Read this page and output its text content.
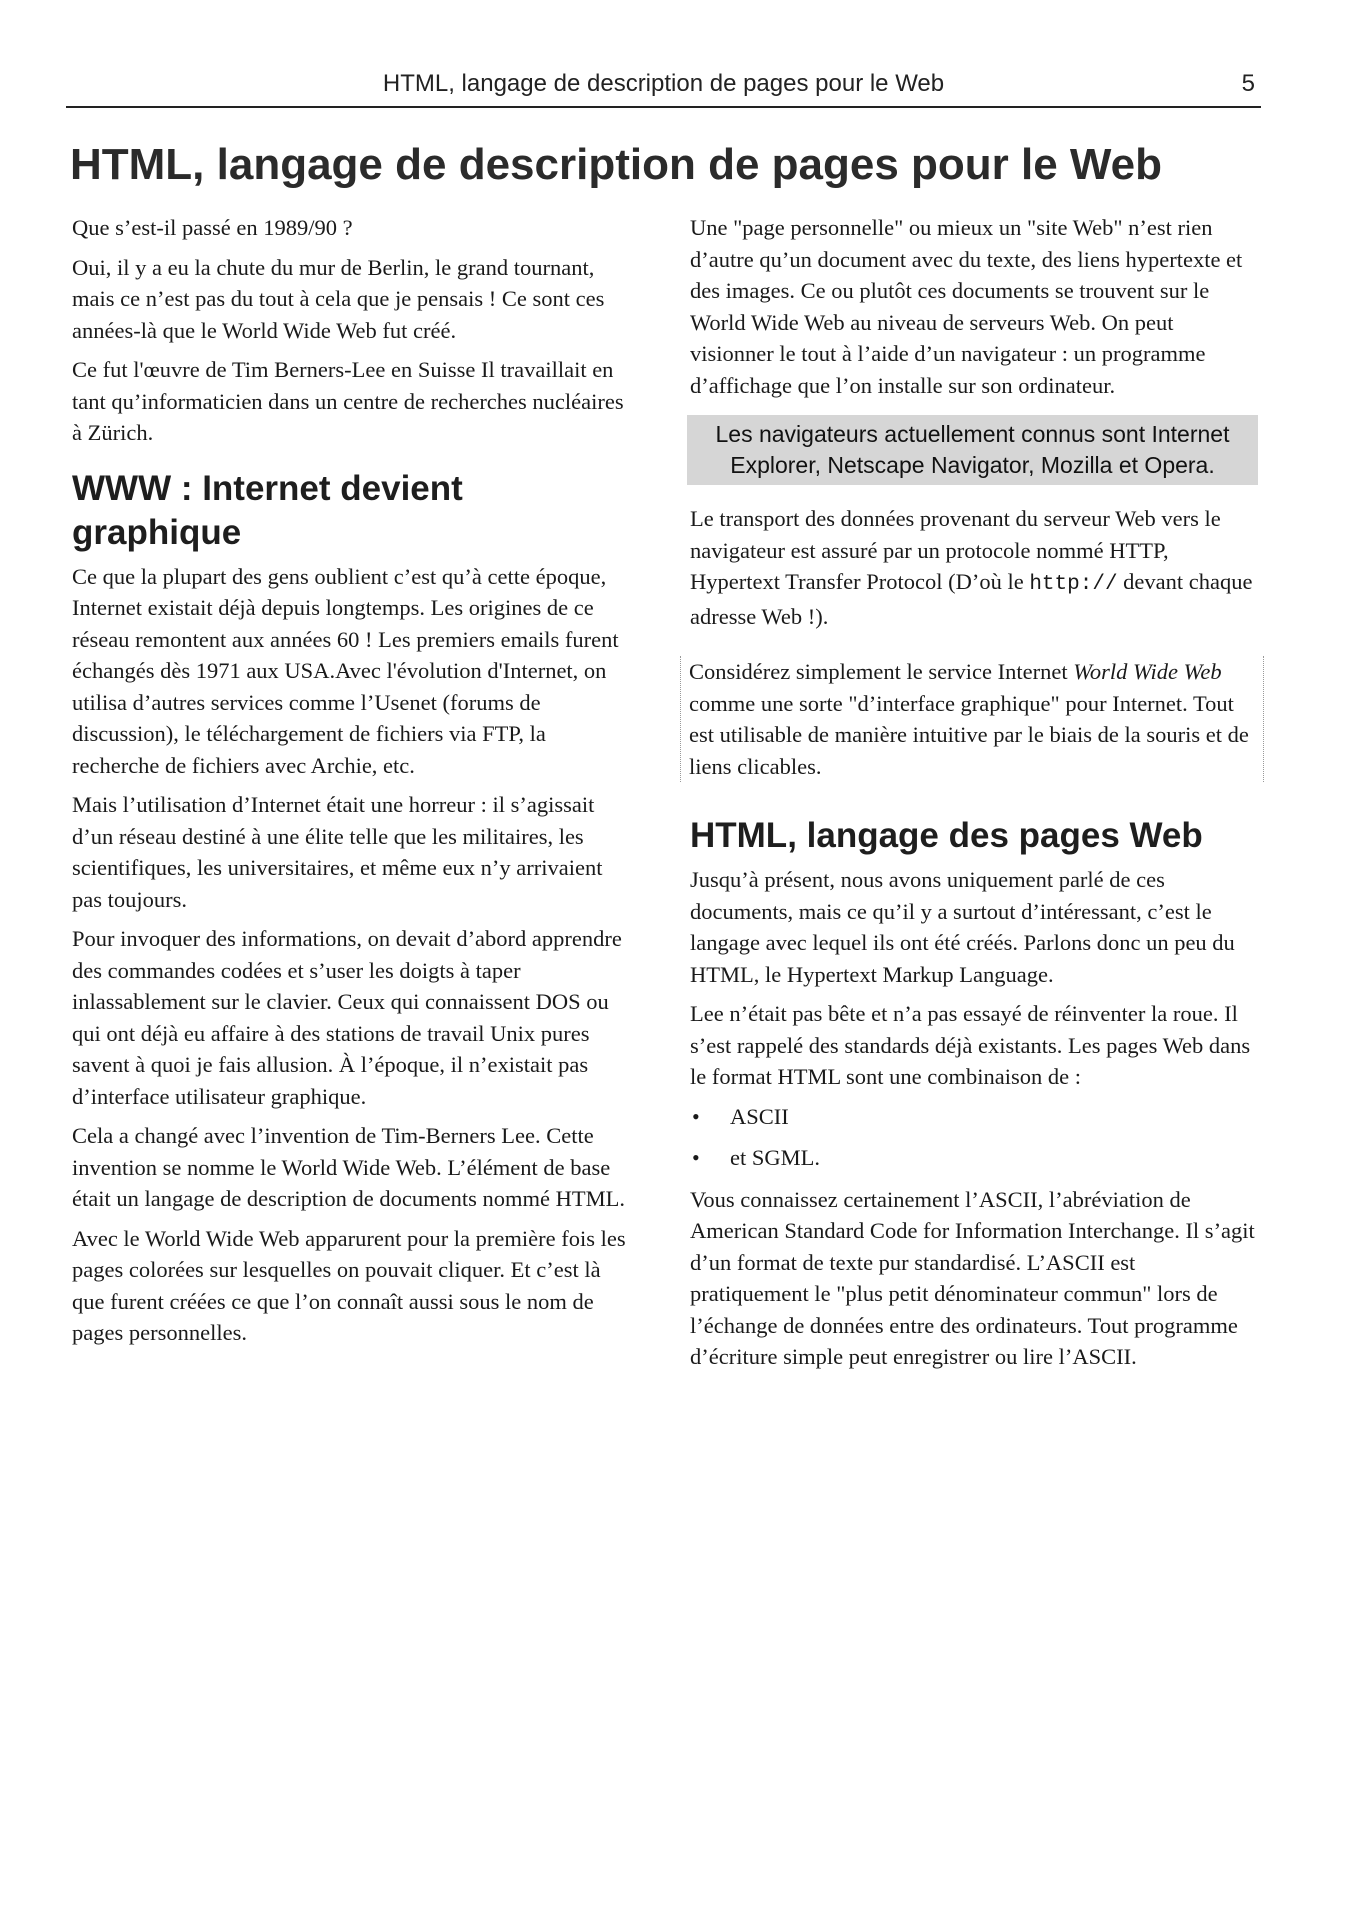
HTML, langage de description de pages pour le Web	5
HTML, langage de description de pages pour le Web

Que s’est-il passé en 1989/90 ?

Oui, il y a eu la chute du mur de Berlin, le grand tournant, mais ce n’est pas du tout à cela que je pensais ! Ce sont ces années-là que le World Wide Web fut créé.

Ce fut l'œuvre de Tim Berners-Lee en Suisse Il travaillait en tant qu’informaticien dans un centre de recherches nucléaires à Zürich.

WWW : Internet devient graphique

Ce que la plupart des gens oublient c’est qu’à cette époque, Internet existait déjà depuis longtemps. Les origines de ce réseau remontent aux années 60 ! Les premiers emails furent échangés dès 1971 aux USA.Avec l'évolution d'Internet, on utilisa d’autres services comme l’Usenet (forums de discussion), le téléchargement de fichiers via FTP, la recherche de fichiers avec Archie, etc.

Mais l’utilisation d’Internet était une horreur : il s’agissait d’un réseau destiné à une élite telle que les militaires, les scientifiques, les universitaires, et même eux n’y arrivaient pas toujours.

Pour invoquer des informations, on devait d’abord apprendre des commandes codées et s’user les doigts à taper inlassablement sur le clavier. Ceux qui connaissent DOS ou qui ont déjà eu affaire à des stations de travail Unix pures savent à quoi je fais allusion. À l’époque, il n’existait pas d’interface utilisateur graphique.

Cela a changé avec l’invention de Tim-Berners Lee. Cette invention se nomme le World Wide Web. L’élément de base était un langage de description de documents nommé HTML.

Avec le World Wide Web apparurent pour la première fois les pages colorées sur lesquelles on pouvait cliquer. Et c’est là que furent créées ce que l’on connaît aussi sous le nom de pages personnelles.

Une "page personnelle" ou mieux un "site Web" n’est rien d’autre qu’un document avec du texte, des liens hypertexte et des images. Ce ou plutôt ces documents se trouvent sur le World Wide Web au niveau de serveurs Web. On peut visionner le tout à l’aide d’un navigateur : un programme d’affichage que l’on installe sur son ordinateur.

Les navigateurs actuellement connus sont Internet Explorer, Netscape Navigator, Mozilla et Opera.

Le transport des données provenant du serveur Web vers le navigateur est assuré par un protocole nommé HTTP, Hypertext Transfer Protocol (D’où le http:// devant chaque adresse Web !).

Considérez simplement le service Internet World Wide Web comme une sorte "d’interface graphique" pour Internet. Tout est utilisable de manière intuitive par le biais de la souris et de liens clicables.

HTML, langage des pages Web

Jusqu’à présent, nous avons uniquement parlé de ces documents, mais ce qu’il y a surtout d’intéressant, c’est le langage avec lequel ils ont été créés. Parlons donc un peu du HTML, le Hypertext Markup Language.

Lee n’était pas bête et n’a pas essayé de réinventer la roue. Il s’est rappelé des standards déjà existants. Les pages Web dans le format HTML sont une combinaison de :

• ASCII
• et SGML.

Vous connaissez certainement l’ASCII, l’abréviation de American Standard Code for Information Interchange. Il s’agit d’un format de texte pur standardisé. L’ASCII est pratiquement le "plus petit dénominateur commun" lors de l’échange de données entre des ordinateurs. Tout programme d’écriture simple peut enregistrer ou lire l’ASCII.
